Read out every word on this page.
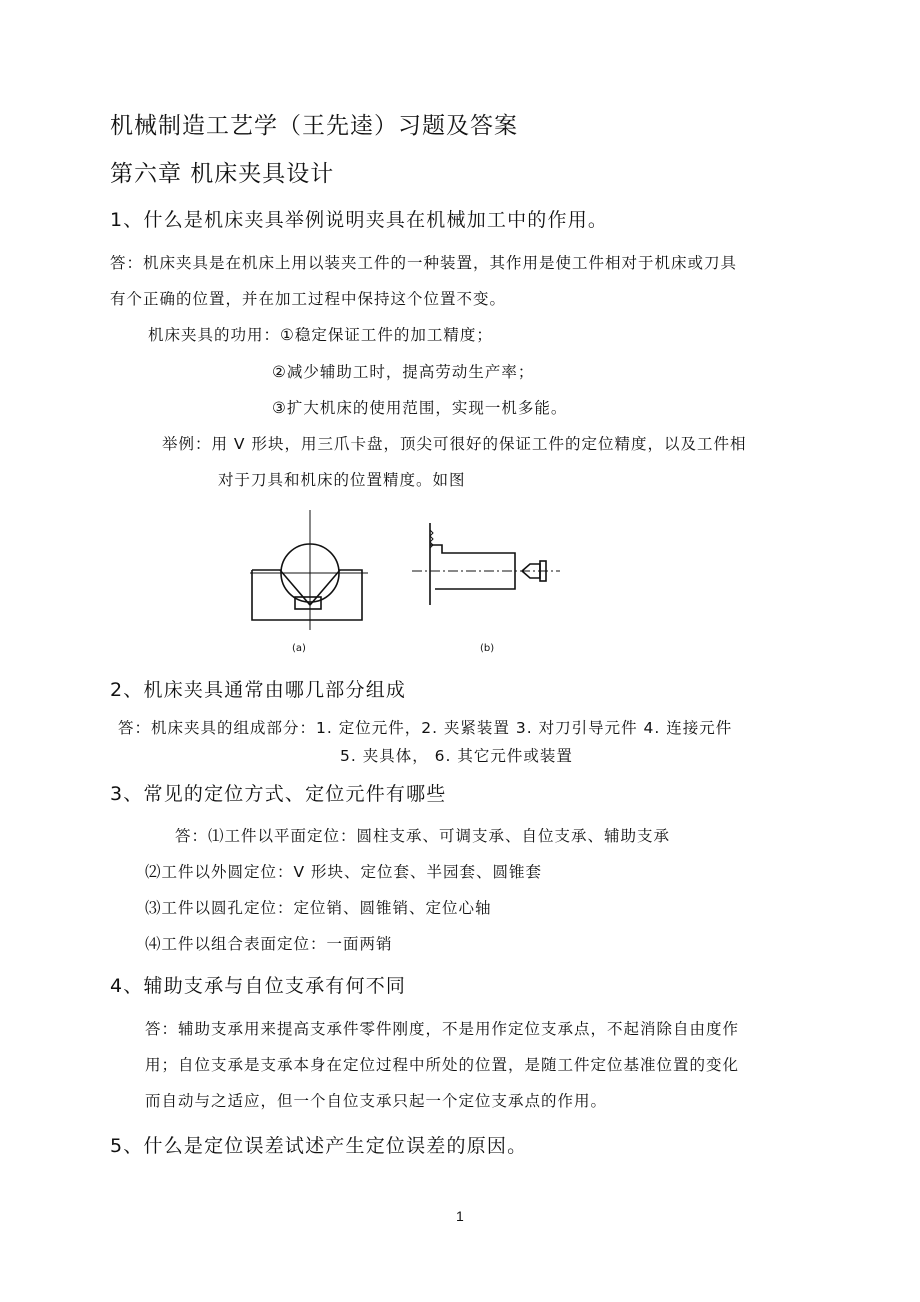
机械制造工艺学（王先逵）习题及答案
第六章 机床夹具设计

1、什么是机床夹具举例说明夹具在机械加工中的作用。

答：机床夹具是在机床上用以装夹工件的一种装置，其作用是使工件相对于机床或刀具

有个正确的位置，并在加工过程中保持这个位置不变。

机床夹具的功用：①稳定保证工件的加工精度；

②减少辅助工时，提高劳动生产率；

③扩大机床的使用范围，实现一机多能。

举例：用 V 形块，用三爪卡盘，顶尖可很好的保证工件的定位精度，以及工件相

对于刀具和机床的位置精度。如图

(a)	(b)

2、机床夹具通常由哪几部分组成

答：机床夹具的组成部分：1. 定位元件，2. 夹紧装置 3. 对刀引导元件 4. 连接元件

5. 夹具体， 6. 其它元件或装置

3、常见的定位方式、定位元件有哪些

答：⑴工件以平面定位：圆柱支承、可调支承、自位支承、辅助支承

⑵工件以外圆定位：V 形块、定位套、半园套、圆锥套

⑶工件以圆孔定位：定位销、圆锥销、定位心轴

⑷工件以组合表面定位：一面两销

4、辅助支承与自位支承有何不同

答：辅助支承用来提高支承件零件刚度，不是用作定位支承点，不起消除自由度作

用；自位支承是支承本身在定位过程中所处的位置，是随工件定位基准位置的变化

而自动与之适应，但一个自位支承只起一个定位支承点的作用。

5、什么是定位误差试述产生定位误差的原因。

1
